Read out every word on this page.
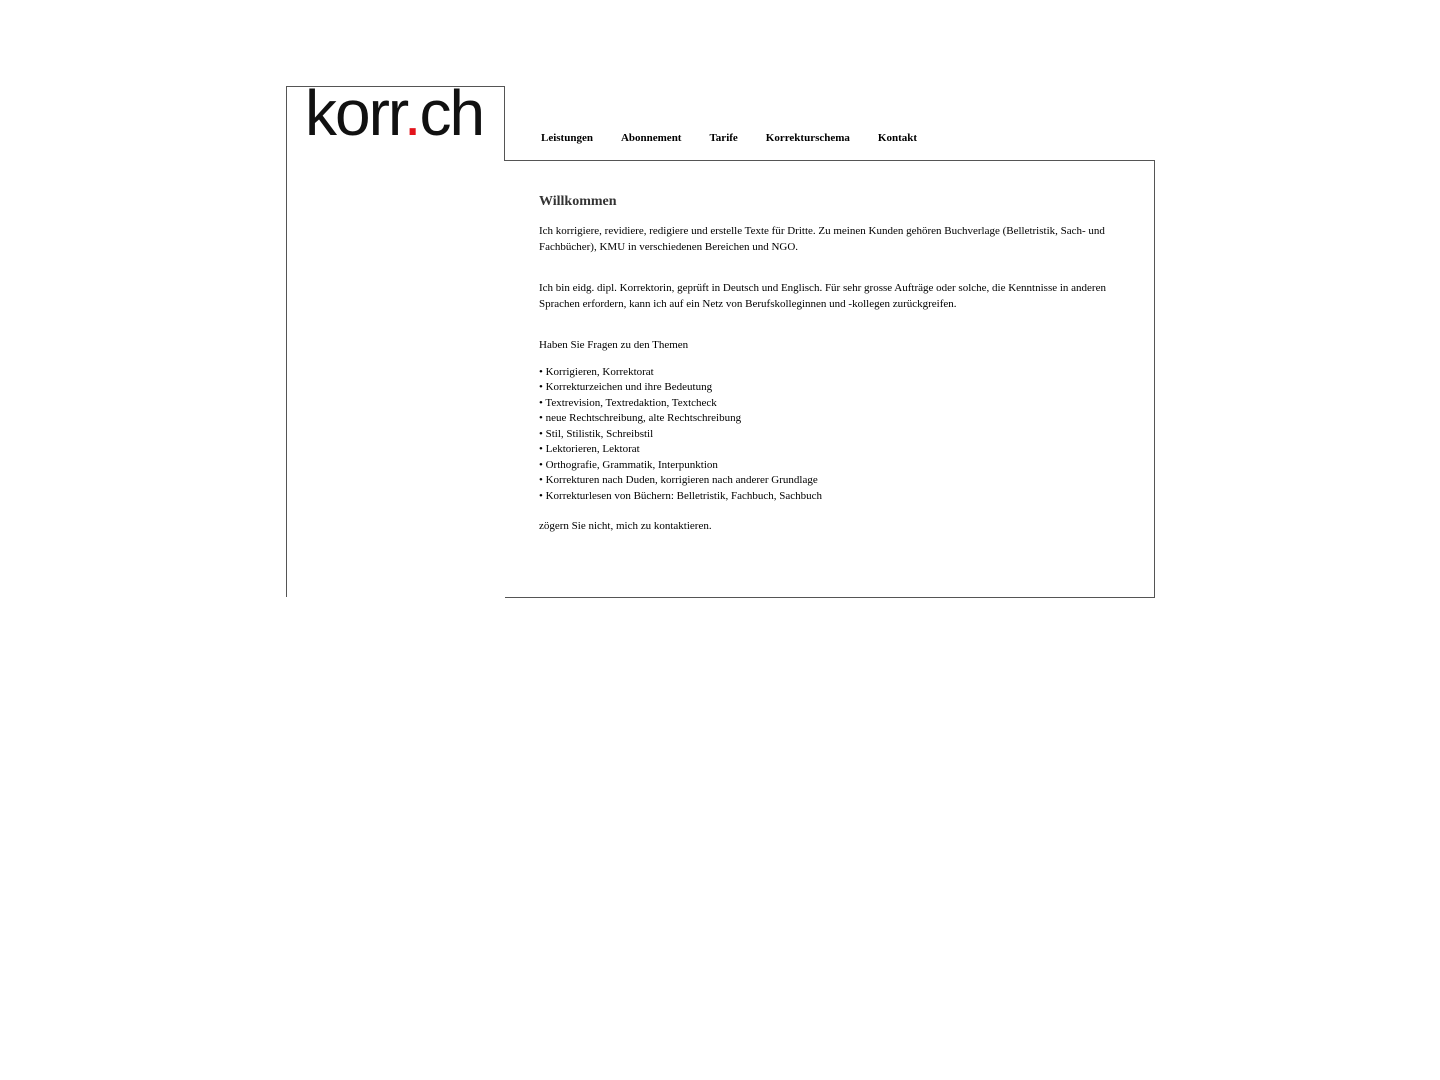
korr.ch	Leistungen	Abonnement	Tarife	Korrekturschema	Kontakt
Willkommen

Ich korrigiere, revidiere, redigiere und erstelle Texte für Dritte. Zu meinen Kunden gehören Buchverlage (Belletristik, Sach- und Fachbücher), KMU in verschiedenen Bereichen und NGO.

Ich bin eidg. dipl. Korrektorin, geprüft in Deutsch und Englisch. Für sehr grosse Aufträge oder solche, die Kenntnisse in anderen Sprachen erfordern, kann ich auf ein Netz von Berufskolleginnen und -kollegen zurückgreifen.

Haben Sie Fragen zu den Themen

• Korrigieren, Korrektorat
• Korrekturzeichen und ihre Bedeutung
• Textrevision, Textredaktion, Textcheck
• neue Rechtschreibung, alte Rechtschreibung
• Stil, Stilistik, Schreibstil
• Lektorieren, Lektorat
• Orthografie, Grammatik, Interpunktion
• Korrekturen nach Duden, korrigieren nach anderer Grundlage
• Korrekturlesen von Büchern: Belletristik, Fachbuch, Sachbuch

zögern Sie nicht, mich zu kontaktieren.
